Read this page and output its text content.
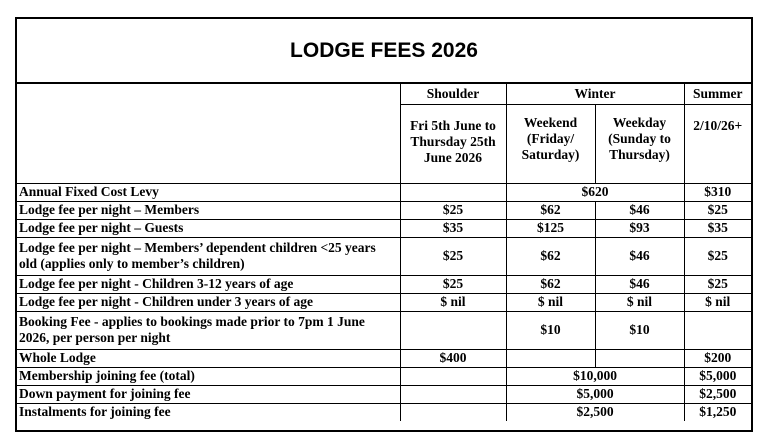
LODGE FEES 2026
	Shoulder	Winter		Summer
	Fri 5th June to Thursday 25th June 2026	Weekend (Friday/ Saturday)	Weekday (Sunday to Thursday)	2/10/26+
Annual Fixed Cost Levy		$620		$310
Lodge fee per night – Members	$25	$62	$46	$25
Lodge fee per night – Guests	$35	$125	$93	$35
Lodge fee per night – Members’ dependent children <25 years old (applies only to member’s children)	$25	$62	$46	$25
Lodge fee per night - Children 3-12 years of age	$25	$62	$46	$25
Lodge fee per night - Children under 3 years of age	$ nil	$ nil	$ nil	$ nil
Booking Fee - applies to bookings made prior to 7pm 1 June 2026, per person per night		$10	$10	
Whole Lodge	$400			$200
Membership joining fee (total)		$10,000		$5,000
Down payment for joining fee		$5,000		$2,500
Instalments for joining fee		$2,500		$1,250
